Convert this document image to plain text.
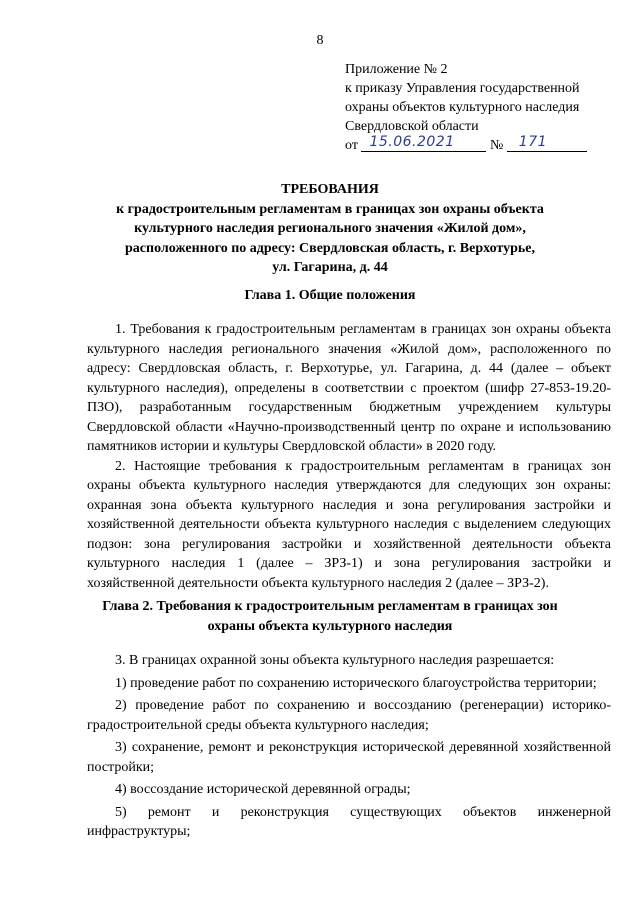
8
Приложение № 2
к приказу Управления государственной
охраны объектов культурного наследия
Свердловской области
от 15.06.2021	№ 171
ТРЕБОВАНИЯ
к градостроительным регламентам в границах зон охраны объекта
культурного наследия регионального значения «Жилой дом»,
расположенного по адресу: Свердловская область, г. Верхотурье,
ул. Гагарина, д. 44
Глава 1. Общие положения

1. Требования к градостроительным регламентам в границах зон охраны объекта культурного наследия регионального значения «Жилой дом», расположенного по адресу: Свердловская область, г. Верхотурье, ул. Гагарина, д. 44 (далее – объект культурного наследия), определены в соответствии с проектом (шифр 27-853-19.20-ПЗО), разработанным государственным бюджетным учреждением культуры Свердловской области «Научно-производственный центр по охране и использованию памятников истории и культуры Свердловской области» в 2020 году.

2. Настоящие требования к градостроительным регламентам в границах зон охраны объекта культурного наследия утверждаются для следующих зон охраны: охранная зона объекта культурного наследия и зона регулирования застройки и хозяйственной деятельности объекта культурного наследия с выделением следующих подзон: зона регулирования застройки и хозяйственной деятельности объекта культурного наследия 1 (далее – ЗРЗ-1) и зона регулирования застройки и хозяйственной деятельности объекта культурного наследия 2 (далее – ЗРЗ-2).

Глава 2. Требования к градостроительным регламентам в границах зон
охраны объекта культурного наследия

3. В границах охранной зоны объекта культурного наследия разрешается:

1) проведение работ по сохранению исторического благоустройства территории;

2) проведение работ по сохранению и воссозданию (регенерации) историко-градостроительной среды объекта культурного наследия;

3) сохранение, ремонт и реконструкция исторической деревянной хозяйственной постройки;

4) воссоздание исторической деревянной ограды;

5) ремонт и реконструкция существующих объектов инженерной инфраструктуры;
